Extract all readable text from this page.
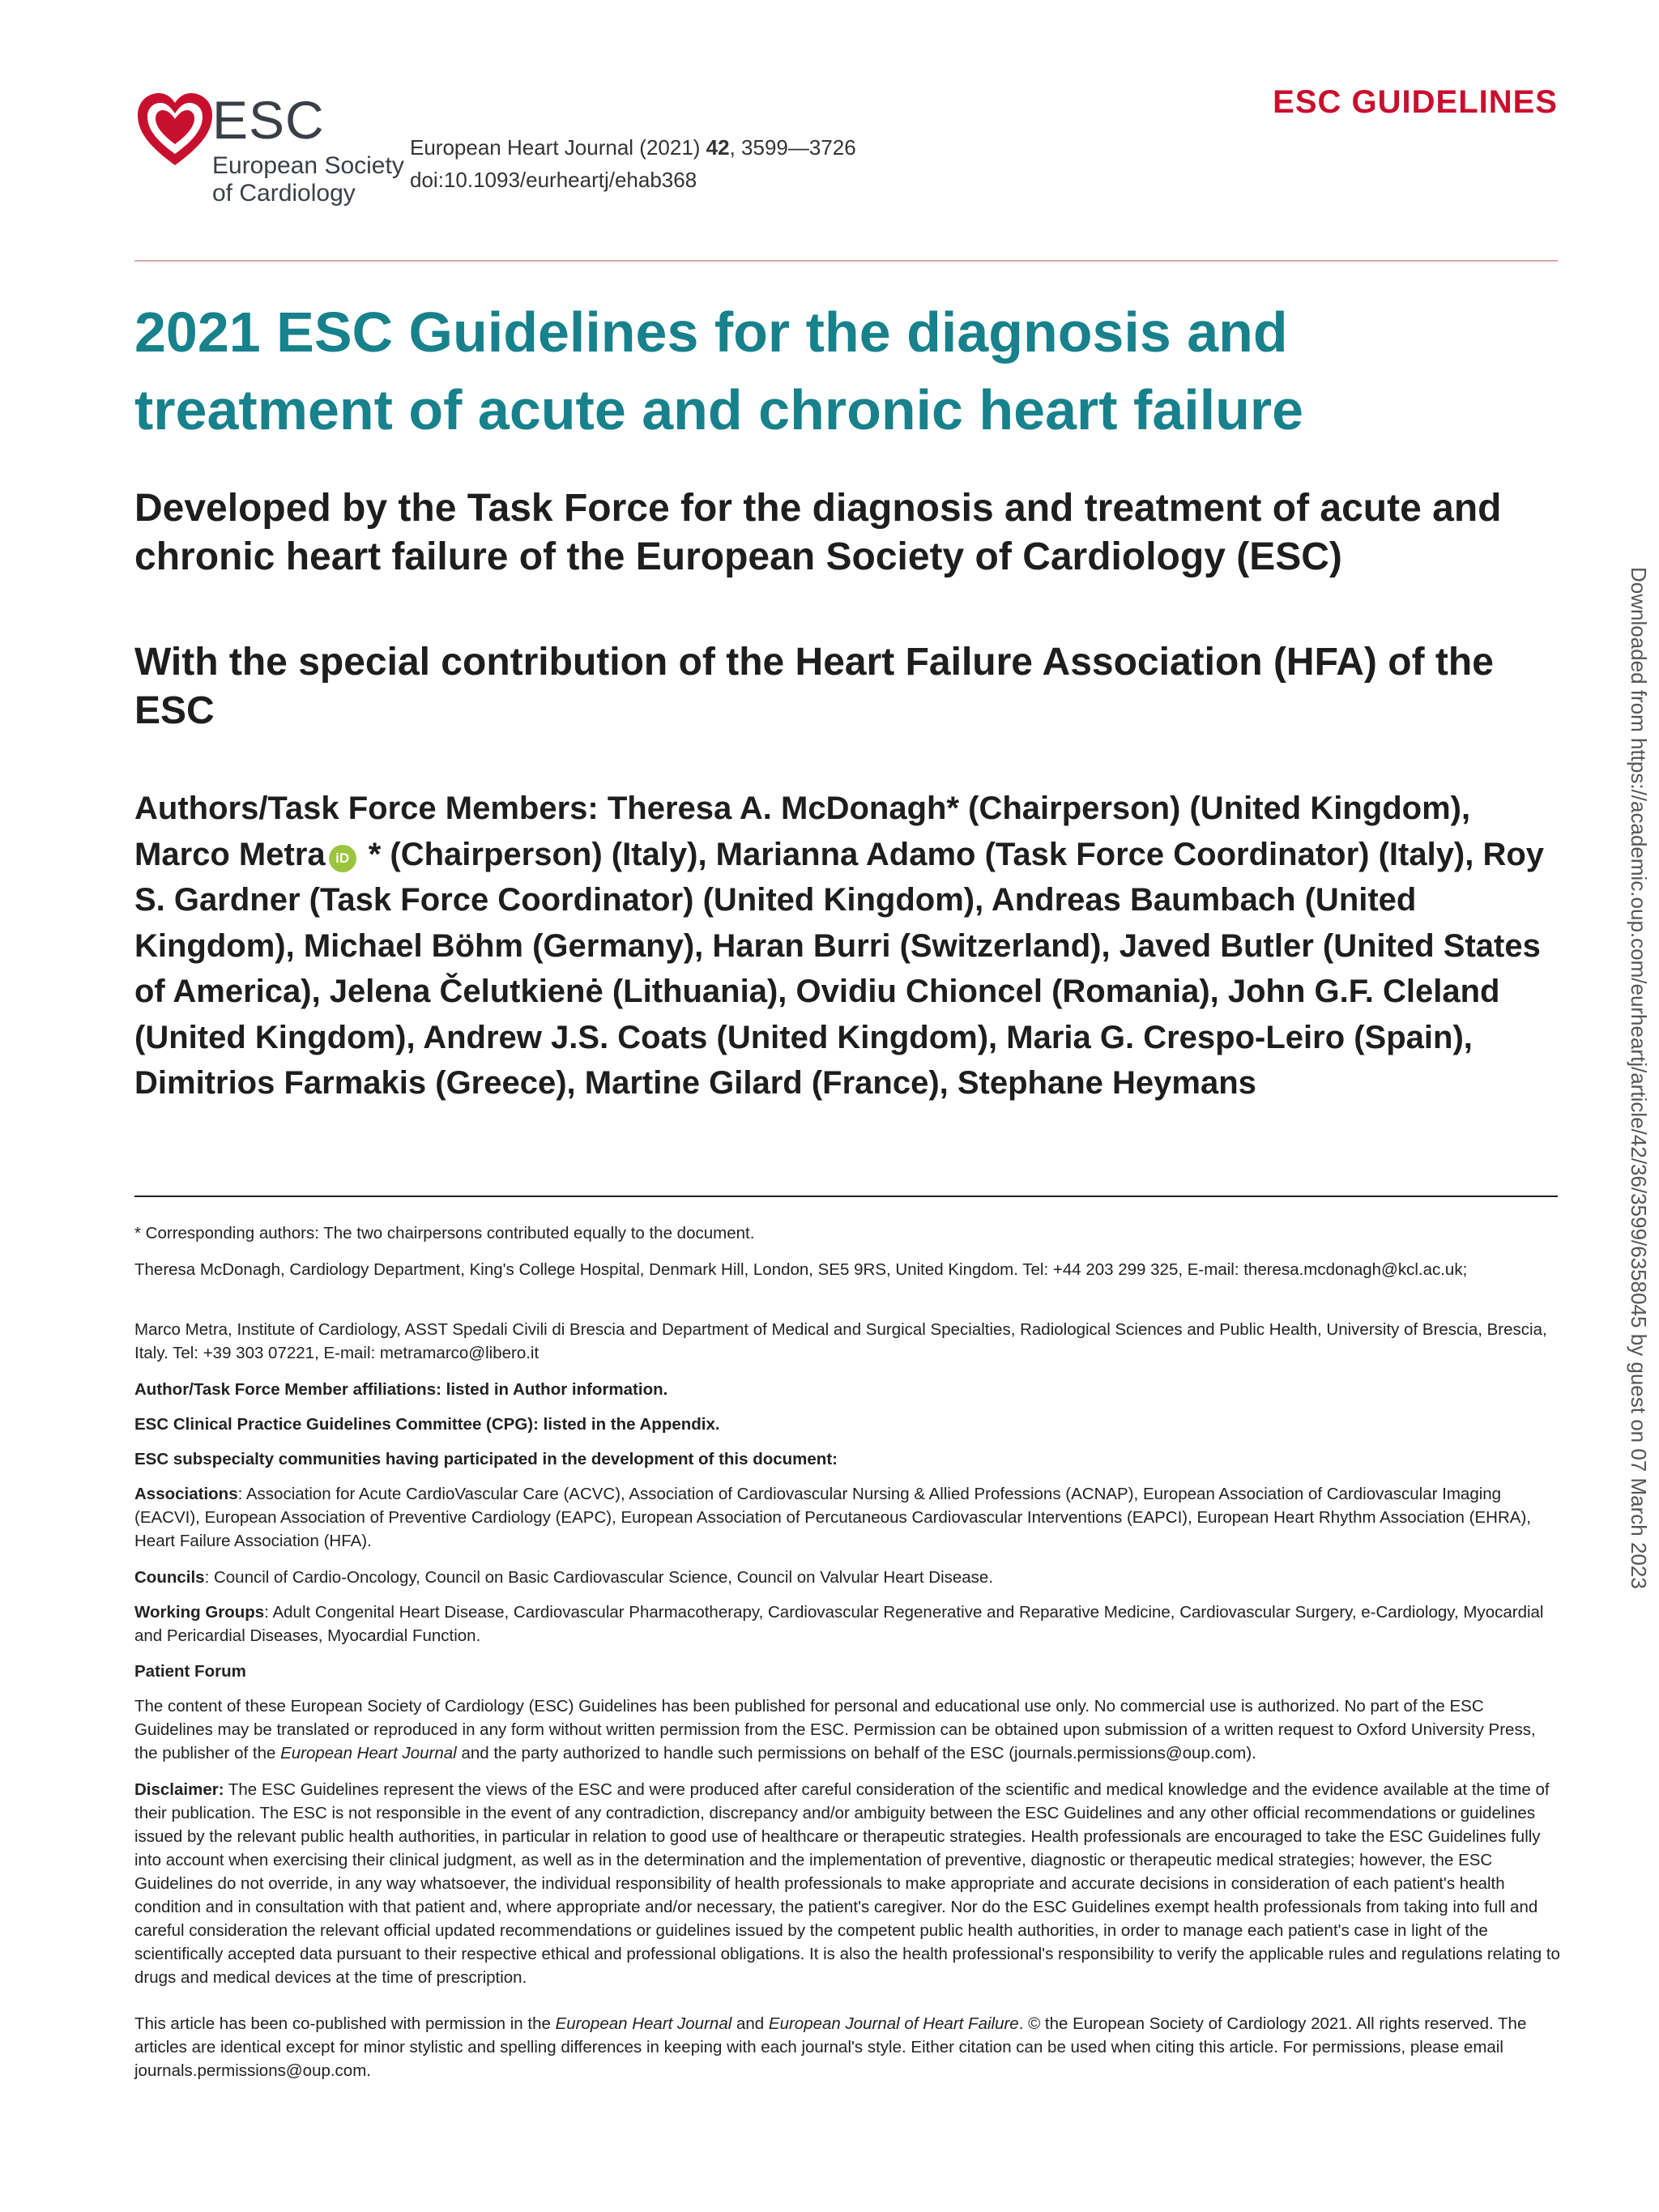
ESC
European Society
of Cardiology
European Heart Journal (2021) 42, 3599—3726
doi:10.1093/eurheartj/ehab368
ESC GUIDELINES
2021 ESC Guidelines for the diagnosis and treatment of acute and chronic heart failure
Developed by the Task Force for the diagnosis and treatment of acute and chronic heart failure of the European Society of Cardiology (ESC)
With the special contribution of the Heart Failure Association (HFA) of the ESC
Authors/Task Force Members: Theresa A. McDonagh* (Chairperson) (United Kingdom), Marco Metra iD * (Chairperson) (Italy), Marianna Adamo (Task Force Coordinator) (Italy), Roy S. Gardner (Task Force Coordinator) (United Kingdom), Andreas Baumbach (United Kingdom), Michael Böhm (Germany), Haran Burri (Switzerland), Javed Butler (United States of America), Jelena Čelutkienė (Lithuania), Ovidiu Chioncel (Romania), John G.F. Cleland (United Kingdom), Andrew J.S. Coats (United Kingdom), Maria G. Crespo-Leiro (Spain), Dimitrios Farmakis (Greece), Martine Gilard (France), Stephane Heymans
* Corresponding authors: The two chairpersons contributed equally to the document.
Theresa McDonagh, Cardiology Department, King's College Hospital, Denmark Hill, London, SE5 9RS, United Kingdom. Tel: +44 203 299 325, E-mail: theresa.mcdonagh@kcl.ac.uk;
Marco Metra, Institute of Cardiology, ASST Spedali Civili di Brescia and Department of Medical and Surgical Specialties, Radiological Sciences and Public Health, University of Brescia, Brescia, Italy. Tel: +39 303 07221, E-mail: metramarco@libero.it
Author/Task Force Member affiliations: listed in Author information.
ESC Clinical Practice Guidelines Committee (CPG): listed in the Appendix.
ESC subspecialty communities having participated in the development of this document:
Associations: Association for Acute CardioVascular Care (ACVC), Association of Cardiovascular Nursing & Allied Professions (ACNAP), European Association of Cardiovascular Imaging (EACVI), European Association of Preventive Cardiology (EAPC), European Association of Percutaneous Cardiovascular Interventions (EAPCI), European Heart Rhythm Association (EHRA), Heart Failure Association (HFA).
Councils: Council of Cardio-Oncology, Council on Basic Cardiovascular Science, Council on Valvular Heart Disease.
Working Groups: Adult Congenital Heart Disease, Cardiovascular Pharmacotherapy, Cardiovascular Regenerative and Reparative Medicine, Cardiovascular Surgery, e-Cardiology, Myocardial and Pericardial Diseases, Myocardial Function.
Patient Forum
The content of these European Society of Cardiology (ESC) Guidelines has been published for personal and educational use only. No commercial use is authorized. No part of the ESC Guidelines may be translated or reproduced in any form without written permission from the ESC. Permission can be obtained upon submission of a written request to Oxford University Press, the publisher of the European Heart Journal and the party authorized to handle such permissions on behalf of the ESC (journals.permissions@oup.com).
Disclaimer: The ESC Guidelines represent the views of the ESC and were produced after careful consideration of the scientific and medical knowledge and the evidence available at the time of their publication. The ESC is not responsible in the event of any contradiction, discrepancy and/or ambiguity between the ESC Guidelines and any other official recommendations or guidelines issued by the relevant public health authorities, in particular in relation to good use of healthcare or therapeutic strategies. Health professionals are encouraged to take the ESC Guidelines fully into account when exercising their clinical judgment, as well as in the determination and the implementation of preventive, diagnostic or therapeutic medical strategies; however, the ESC Guidelines do not override, in any way whatsoever, the individual responsibility of health professionals to make appropriate and accurate decisions in consideration of each patient's health condition and in consultation with that patient and, where appropriate and/or necessary, the patient's caregiver. Nor do the ESC Guidelines exempt health professionals from taking into full and careful consideration the relevant official updated recommendations or guidelines issued by the competent public health authorities, in order to manage each patient's case in light of the scientifically accepted data pursuant to their respective ethical and professional obligations. It is also the health professional's responsibility to verify the applicable rules and regulations relating to drugs and medical devices at the time of prescription.
This article has been co-published with permission in the European Heart Journal and European Journal of Heart Failure. © the European Society of Cardiology 2021. All rights reserved. The articles are identical except for minor stylistic and spelling differences in keeping with each journal's style. Either citation can be used when citing this article. For permissions, please email journals.permissions@oup.com.
Downloaded from https://academic.oup.com/eurheartj/article/42/36/3599/6358045 by guest on 07 March 2023
